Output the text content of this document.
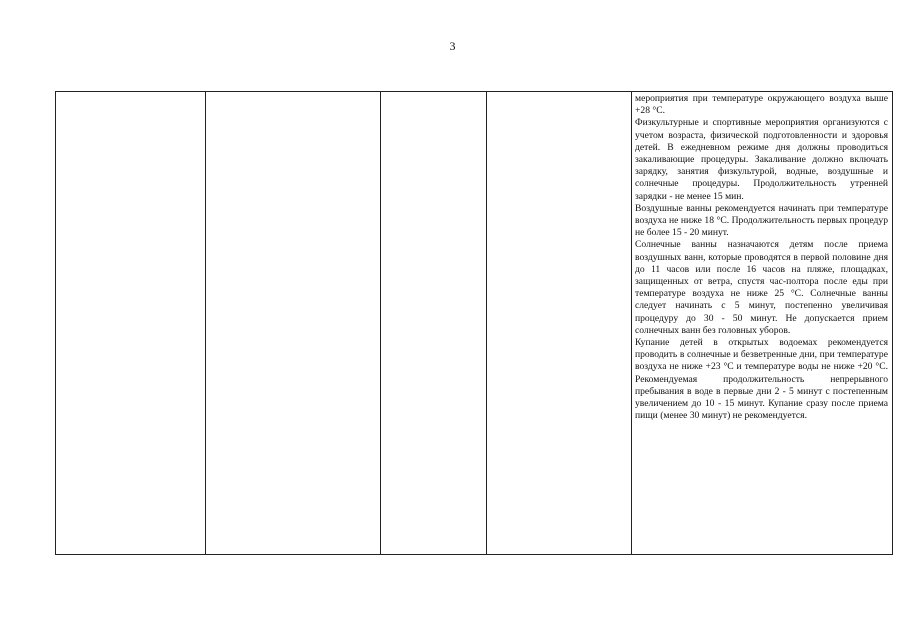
3

мероприятия при температуре окружающего воздуха выше +28 °С.

Физкультурные и спортивные мероприятия организуются с учетом возраста, физической подготовленности и здоровья детей. В ежедневном режиме дня должны проводиться закаливающие процедуры. Закаливание должно включать зарядку, занятия физкультурой, водные, воздушные и солнечные процедуры. Продолжительность утренней зарядки - не менее 15 мин.

Воздушные ванны рекомендуется начинать при температуре воздуха не ниже 18 °С. Продолжительность первых процедур не более 15 - 20 минут.

Солнечные ванны назначаются детям после приема воздушных ванн, которые проводятся в первой половине дня до 11 часов или после 16 часов на пляже, площадках, защищенных от ветра, спустя час-полтора после еды при температуре воздуха не ниже 25 °С. Солнечные ванны следует начинать с 5 минут, постепенно увеличивая процедуру до 30 - 50 минут. Не допускается прием солнечных ванн без головных уборов.

Купание детей в открытых водоемах рекомендуется проводить в солнечные и безветренные дни, при температуре воздуха не ниже +23 °С и температуре воды не ниже +20 °С. Рекомендуемая продолжительность непрерывного пребывания в воде в первые дни 2 - 5 минут с постепенным увеличением до 10 - 15 минут. Купание сразу после приема пищи (менее 30 минут) не рекомендуется.
